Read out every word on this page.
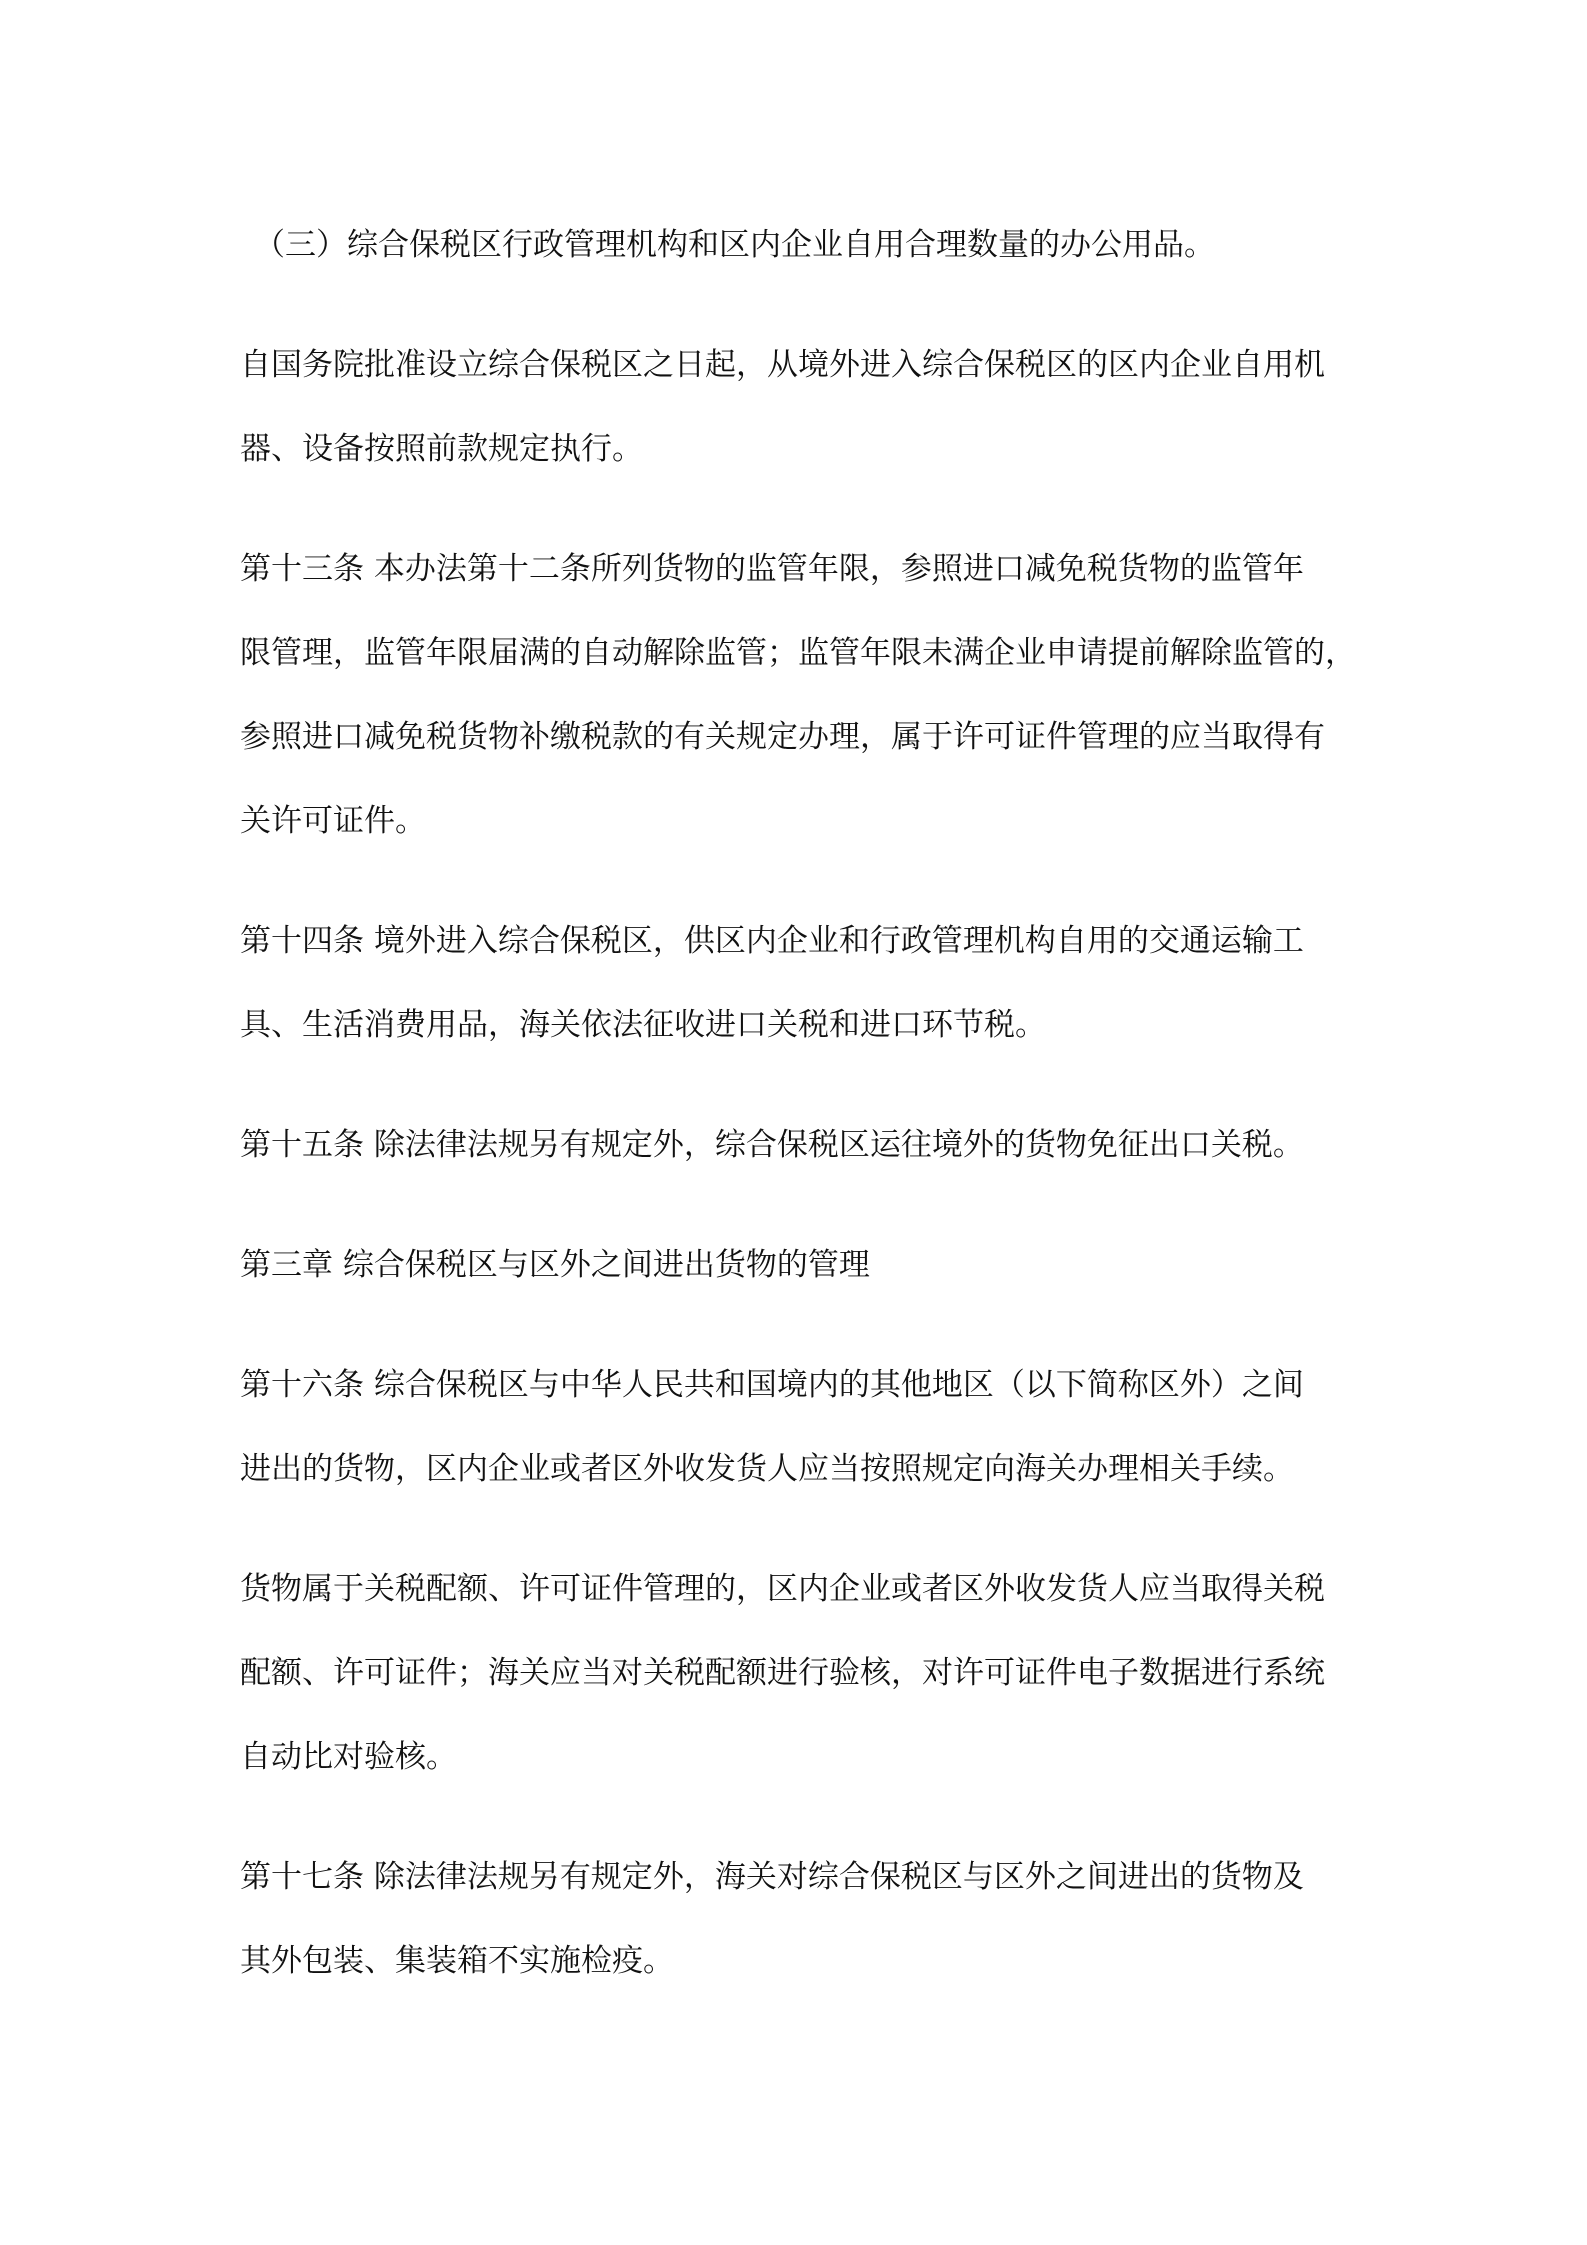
（三）综合保税区行政管理机构和区内企业自用合理数量的办公用品。
自国务院批准设立综合保税区之日起，从境外进入综合保税区的区内企业自用机
器、设备按照前款规定执行。
第十三条 本办法第十二条所列货物的监管年限，参照进口减免税货物的监管年
限管理，监管年限届满的自动解除监管；监管年限未满企业申请提前解除监管的，
参照进口减免税货物补缴税款的有关规定办理，属于许可证件管理的应当取得有
关许可证件。
第十四条 境外进入综合保税区，供区内企业和行政管理机构自用的交通运输工
具、生活消费用品，海关依法征收进口关税和进口环节税。
第十五条 除法律法规另有规定外，综合保税区运往境外的货物免征出口关税。
第三章 综合保税区与区外之间进出货物的管理
第十六条 综合保税区与中华人民共和国境内的其他地区（以下简称区外）之间
进出的货物，区内企业或者区外收发货人应当按照规定向海关办理相关手续。
货物属于关税配额、许可证件管理的，区内企业或者区外收发货人应当取得关税
配额、许可证件；海关应当对关税配额进行验核，对许可证件电子数据进行系统
自动比对验核。
第十七条 除法律法规另有规定外，海关对综合保税区与区外之间进出的货物及
其外包装、集装箱不实施检疫。
